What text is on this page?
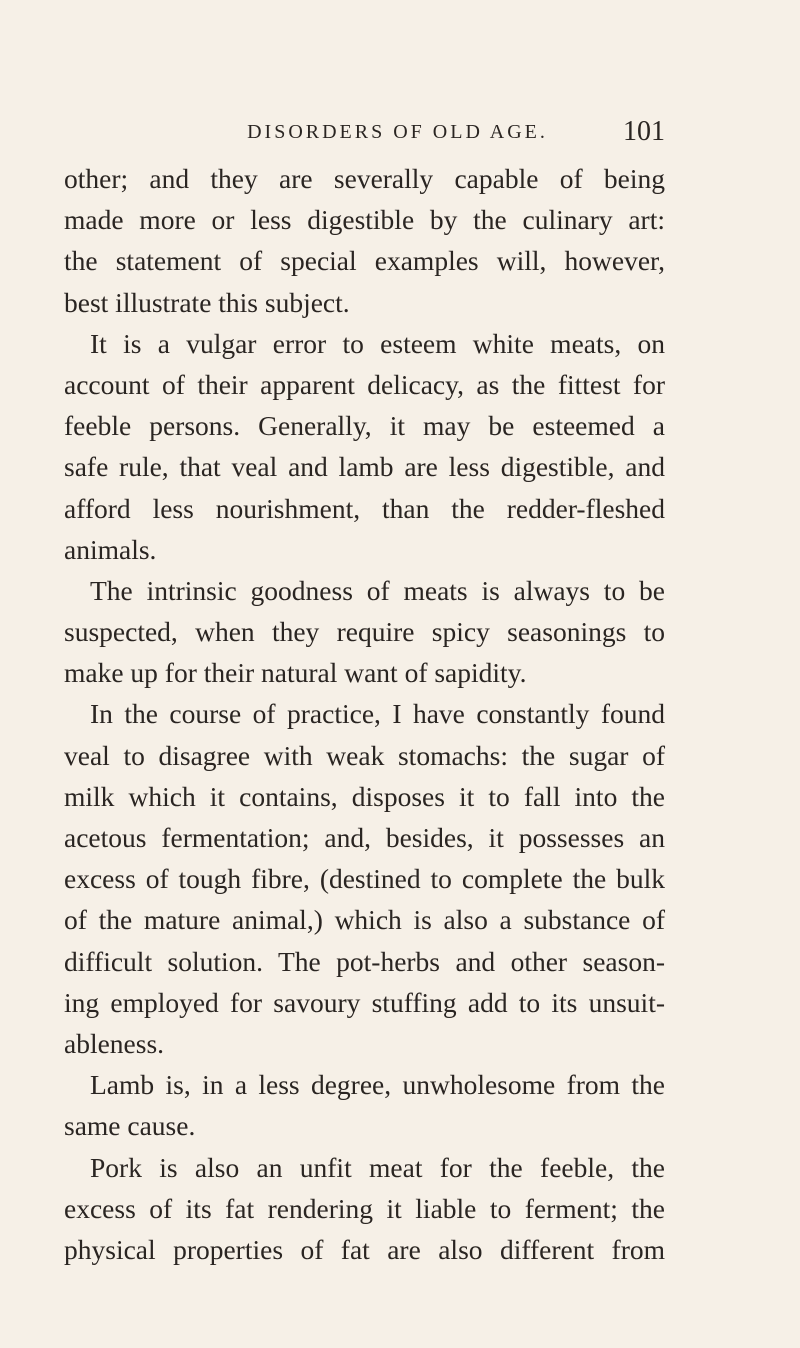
DISORDERS OF OLD AGE.	101
other; and they are severally capable of being
made more or less digestible by the culinary art:
the statement of special examples will, however,
best illustrate this subject.
It is a vulgar error to esteem white meats, on
account of their apparent delicacy, as the fittest for
feeble persons. Generally, it may be esteemed a
safe rule, that veal and lamb are less digestible, and
afford less nourishment, than the redder-fleshed
animals.
The intrinsic goodness of meats is always to be
suspected, when they require spicy seasonings to
make up for their natural want of sapidity.
In the course of practice, I have constantly found
veal to disagree with weak stomachs: the sugar of
milk which it contains, disposes it to fall into the
acetous fermentation; and, besides, it possesses an
excess of tough fibre, (destined to complete the bulk
of the mature animal,) which is also a substance of
difficult solution. The pot-herbs and other season-
ing employed for savoury stuffing add to its unsuit-
ableness.
Lamb is, in a less degree, unwholesome from the
same cause.
Pork is also an unfit meat for the feeble, the
excess of its fat rendering it liable to ferment; the
physical properties of fat are also different from
